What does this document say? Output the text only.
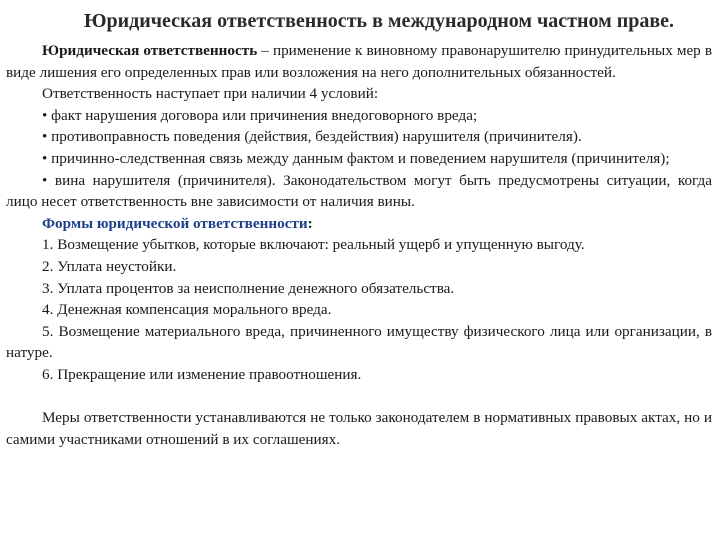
Юридическая ответственность в международном частном праве.

Юридическая ответственность – применение к виновному правонарушителю принудительных мер в виде лишения его определенных прав или возложения на него дополнительных обязанностей.

Ответственность наступает при наличии 4 условий:

• факт нарушения договора или причинения внедоговорного вреда;

• противоправность поведения (действия, бездействия) нарушителя (причинителя).

• причинно-следственная связь между данным фактом и поведением нарушителя (причинителя);

• вина нарушителя (причинителя). Законодательством могут быть предусмотрены ситуации, когда лицо несет ответственность вне зависимости от наличия вины.

Формы юридической ответственности:

1. Возмещение убытков, которые включают: реальный ущерб и упущенную выгоду.

2. Уплата неустойки.

3. Уплата процентов за неисполнение денежного обязательства.

4. Денежная компенсация морального вреда.

5. Возмещение материального вреда, причиненного имуществу физического лица или организации, в натуре.

6. Прекращение или изменение правоотношения.

Меры ответственности устанавливаются не только законодателем в нормативных правовых актах, но и самими участниками отношений в их соглашениях.
